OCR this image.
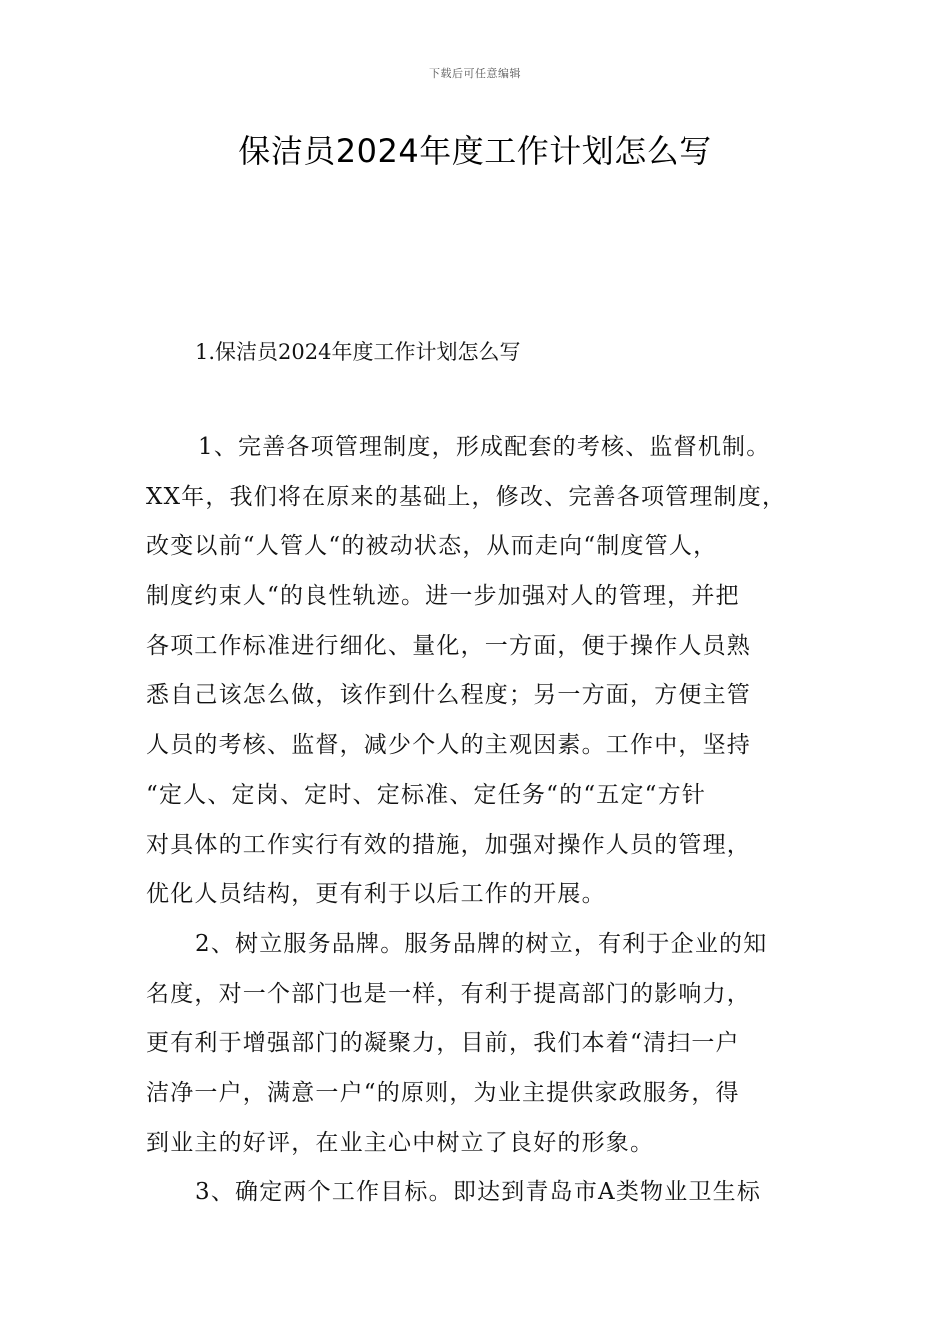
下载后可任意编辑
保洁员2024年度工作计划怎么写
1.保洁员2024年度工作计划怎么写
1、完善各项管理制度，形成配套的考核、监督机制。
XX年，我们将在原来的基础上，修改、完善各项管理制度，
改变以前“人管人“的被动状态，从而走向“制度管人，
制度约束人“的良性轨迹。进一步加强对人的管理，并把
各项工作标准进行细化、量化，一方面，便于操作人员熟
悉自己该怎么做，该作到什么程度；另一方面，方便主管
人员的考核、监督，减少个人的主观因素。工作中，坚持
“定人、定岗、定时、定标准、定任务“的“五定“方针
对具体的工作实行有效的措施，加强对操作人员的管理，
优化人员结构，更有利于以后工作的开展。
2、树立服务品牌。服务品牌的树立，有利于企业的知
名度，对一个部门也是一样，有利于提高部门的影响力，
更有利于增强部门的凝聚力，目前，我们本着“清扫一户
洁净一户，满意一户“的原则，为业主提供家政服务，得
到业主的好评，在业主心中树立了良好的形象。
3、确定两个工作目标。即达到青岛市A类物业卫生标
